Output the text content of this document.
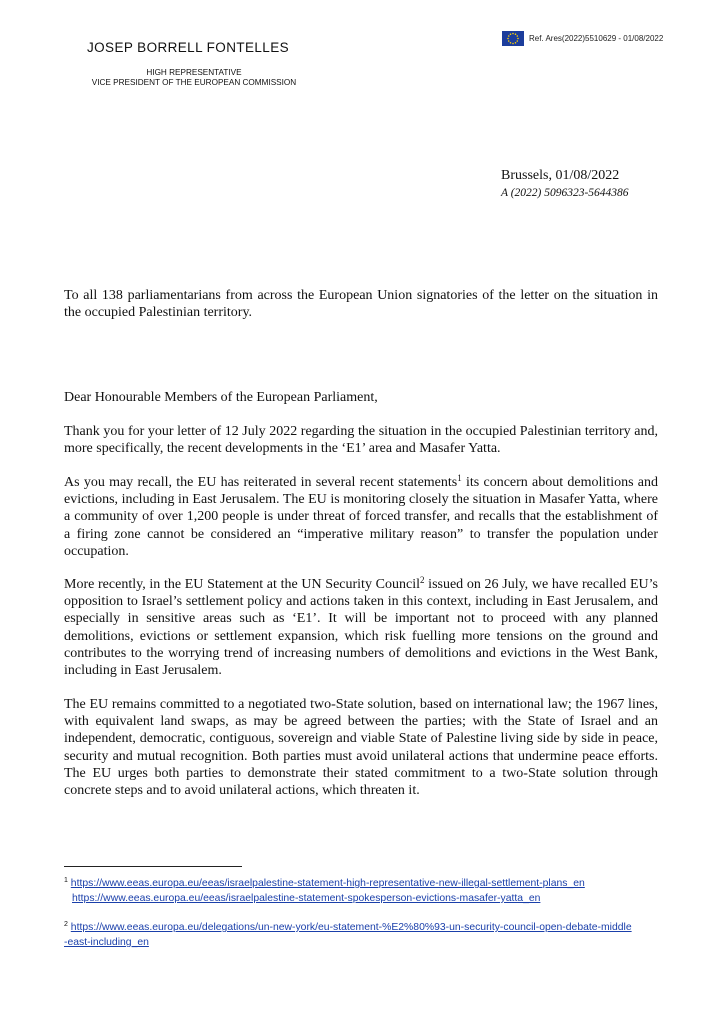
Ref. Ares(2022)5510629 - 01/08/2022
JOSEP BORRELL FONTELLES
HIGH REPRESENTATIVE
VICE PRESIDENT OF THE EUROPEAN COMMISSION
Brussels, 01/08/2022
A (2022) 5096323-5644386

To all 138 parliamentarians from across the European Union signatories of the letter on the situation in the occupied Palestinian territory.

Dear Honourable Members of the European Parliament,

Thank you for your letter of 12 July 2022 regarding the situation in the occupied Palestinian territory and, more specifically, the recent developments in the ‘E1’ area and Masafer Yatta.

As you may recall, the EU has reiterated in several recent statements$^1$ its concern about demolitions and evictions, including in East Jerusalem. The EU is monitoring closely the situation in Masafer Yatta, where a community of over 1,200 people is under threat of forced transfer, and recalls that the establishment of a firing zone cannot be considered an “imperative military reason” to transfer the population under occupation.

More recently, in the EU Statement at the UN Security Council$^2$ issued on 26 July, we have recalled EU’s opposition to Israel’s settlement policy and actions taken in this context, including in East Jerusalem, and especially in sensitive areas such as ‘E1’. It will be important not to proceed with any planned demolitions, evictions or settlement expansion, which risk fuelling more tensions on the ground and contributes to the worrying trend of increasing numbers of demolitions and evictions in the West Bank, including in East Jerusalem.

The EU remains committed to a negotiated two-State solution, based on international law; the 1967 lines, with equivalent land swaps, as may be agreed between the parties; with the State of Israel and an independent, democratic, contiguous, sovereign and viable State of Palestine living side by side in peace, security and mutual recognition. Both parties must avoid unilateral actions that undermine peace efforts. The EU urges both parties to demonstrate their stated commitment to a two-State solution through concrete steps and to avoid unilateral actions, which threaten it.

$^1$ https://www.eeas.europa.eu/eeas/israelpalestine-statement-high-representative-new-illegal-settlement-plans_en
https://www.eeas.europa.eu/eeas/israelpalestine-statement-spokesperson-evictions-masafer-yatta_en
$^2$ https://www.eeas.europa.eu/delegations/un-new-york/eu-statement-%E2%80%93-un-security-council-open-debate-middle-east-including_en
